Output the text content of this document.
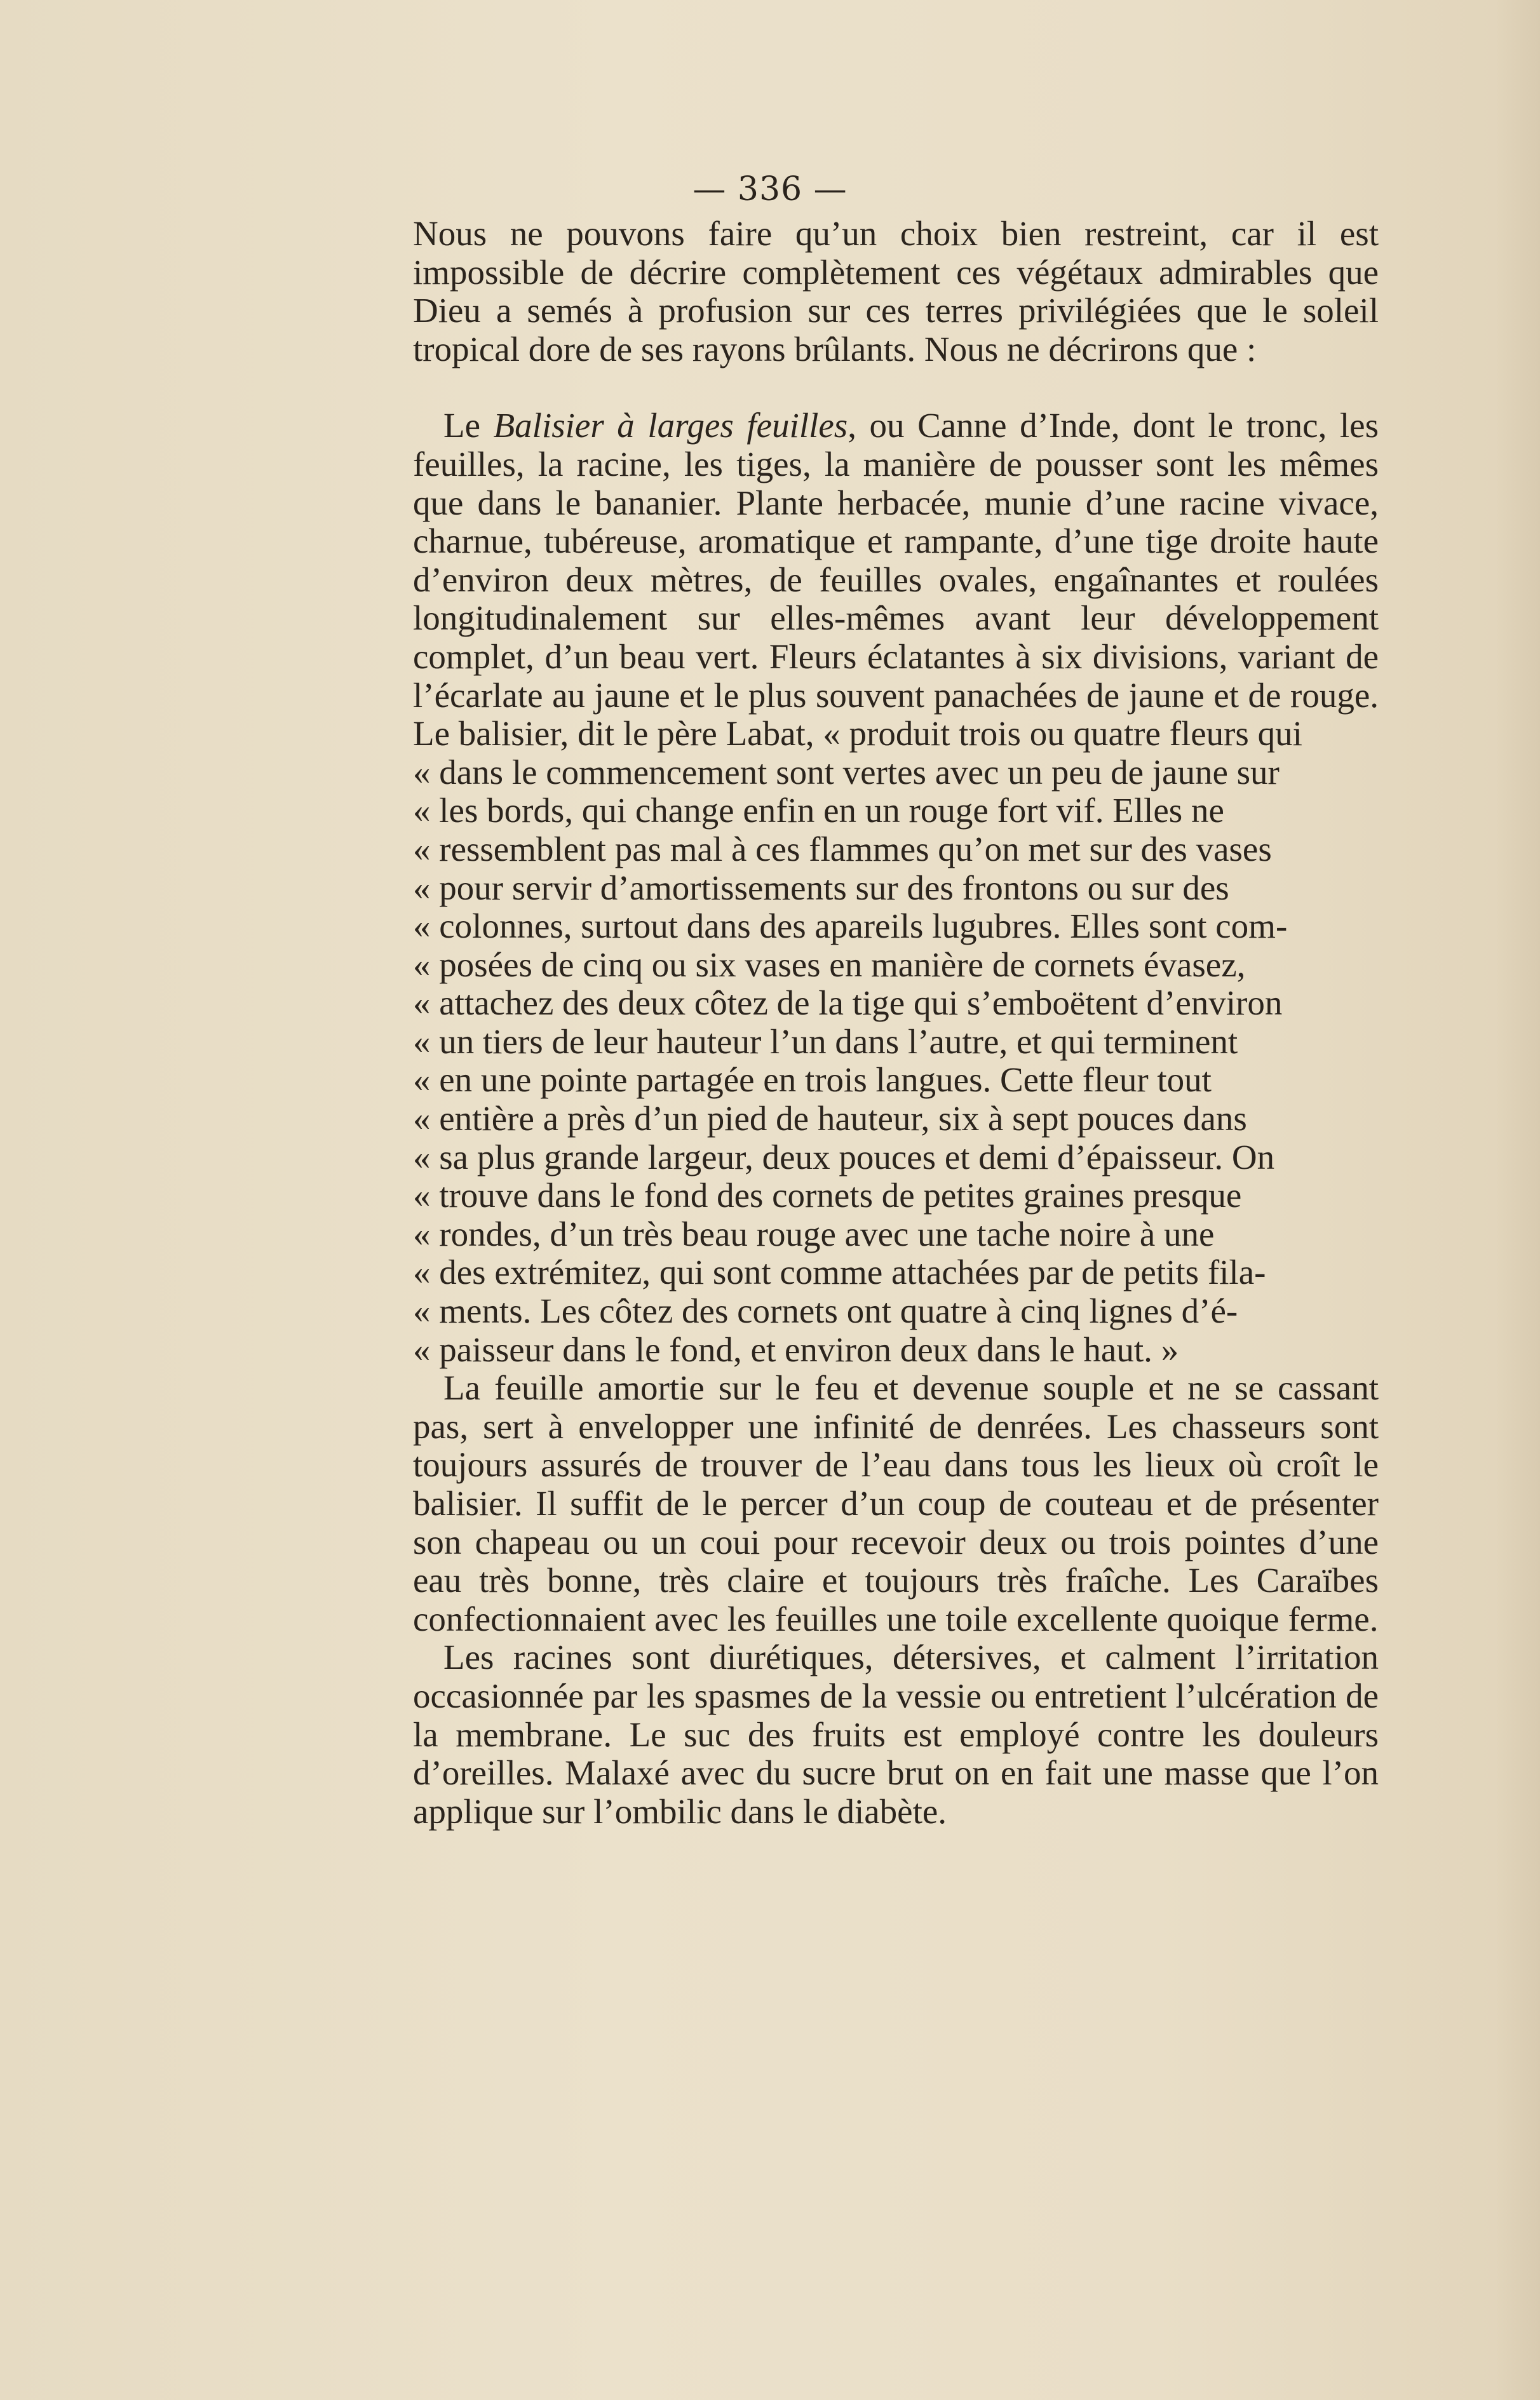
— 336 —

Nous ne pouvons faire qu’un choix bien restreint, car il est impossible de décrire complètement ces végétaux admirables que Dieu a semés à profusion sur ces terres privilégiées que le soleil tropical dore de ses rayons brûlants. Nous ne décrirons que :

Le Balisier à larges feuilles, ou Canne d’Inde, dont le tronc, les feuilles, la racine, les tiges, la manière de pousser sont les mêmes que dans le bananier. Plante herbacée, munie d’une racine vivace, charnue, tubéreuse, aromatique et rampante, d’une tige droite haute d’environ deux mètres, de feuilles ovales, engaînantes et roulées longitudinalement sur elles-mêmes avant leur développement complet, d’un beau vert. Fleurs éclatantes à six divisions, variant de l’écarlate au jaune et le plus souvent panachées de jaune et de rouge. Le balisier, dit le père Labat, « produit trois ou quatre fleurs qui

« dans le commencement sont vertes avec un peu de jaune sur

« les bords, qui change enfin en un rouge fort vif. Elles ne

« ressemblent pas mal à ces flammes qu’on met sur des vases

« pour servir d’amortissements sur des frontons ou sur des

« colonnes, surtout dans des apareils lugubres. Elles sont com-

« posées de cinq ou six vases en manière de cornets évasez,

« attachez des deux côtez de la tige qui s’emboëtent d’environ

« un tiers de leur hauteur l’un dans l’autre, et qui terminent

« en une pointe partagée en trois langues. Cette fleur tout

« entière a près d’un pied de hauteur, six à sept pouces dans

« sa plus grande largeur, deux pouces et demi d’épaisseur. On

« trouve dans le fond des cornets de petites graines presque

« rondes, d’un très beau rouge avec une tache noire à une

« des extrémitez, qui sont comme attachées par de petits fila-

« ments. Les côtez des cornets ont quatre à cinq lignes d’é-

« paisseur dans le fond, et environ deux dans le haut. »

La feuille amortie sur le feu et devenue souple et ne se cassant pas, sert à envelopper une infinité de denrées. Les chasseurs sont toujours assurés de trouver de l’eau dans tous les lieux où croît le balisier. Il suffit de le percer d’un coup de couteau et de présenter son chapeau ou un coui pour recevoir deux ou trois pointes d’une eau très bonne, très claire et toujours très fraîche. Les Caraïbes confectionnaient avec les feuilles une toile excellente quoique ferme.

Les racines sont diurétiques, détersives, et calment l’irritation occasionnée par les spasmes de la vessie ou entretient l’ulcération de la membrane. Le suc des fruits est employé contre les douleurs d’oreilles. Malaxé avec du sucre brut on en fait une masse que l’on applique sur l’ombilic dans le diabète.
